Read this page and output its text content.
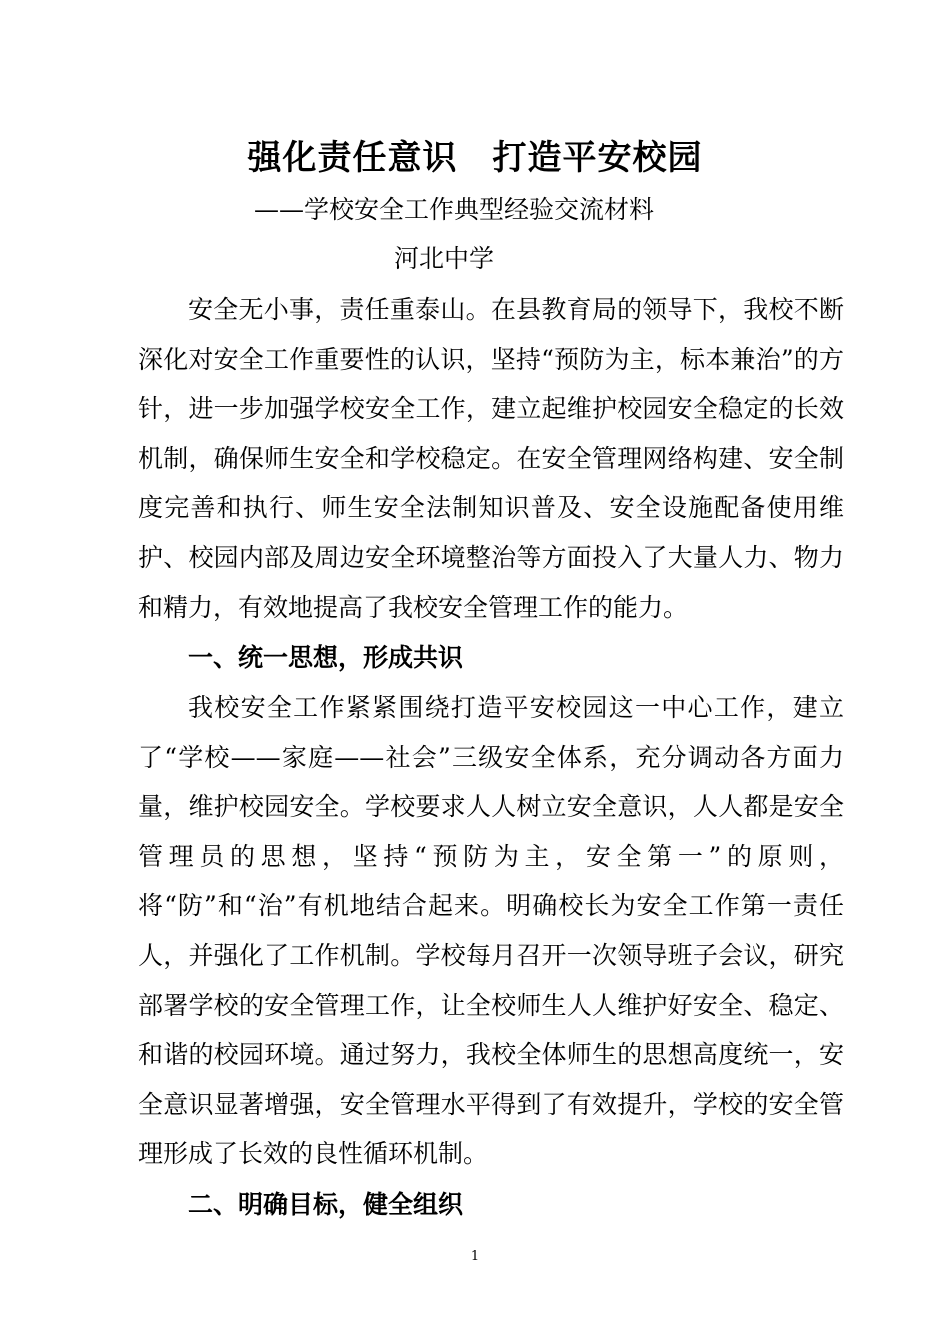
强化责任意识　打造平安校园
——学校安全工作典型经验交流材料
河北中学

安全无小事，责任重泰山。在县教育局的领导下，我校不断深化对安全工作重要性的认识，坚持“预防为主，标本兼治”的方针，进一步加强学校安全工作，建立起维护校园安全稳定的长效机制，确保师生安全和学校稳定。在安全管理网络构建、安全制度完善和执行、师生安全法制知识普及、安全设施配备使用维护、校园内部及周边安全环境整治等方面投入了大量人力、物力和精力，有效地提高了我校安全管理工作的能力。

一、统一思想，形成共识

我校安全工作紧紧围绕打造平安校园这一中心工作，建立了“学校——家庭——社会”三级安全体系，充分调动各方面力量，维护校园安全。学校要求人人树立安全意识，人人都是安全管理员的思想，坚持“预防为主，安全第一”的原则，将“防”和“治”有机地结合起来。明确校长为安全工作第一责任人，并强化了工作机制。学校每月召开一次领导班子会议，研究部署学校的安全管理工作，让全校师生人人维护好安全、稳定、和谐的校园环境。通过努力，我校全体师生的思想高度统一，安全意识显著增强，安全管理水平得到了有效提升，学校的安全管理形成了长效的良性循环机制。

二、明确目标，健全组织
1
